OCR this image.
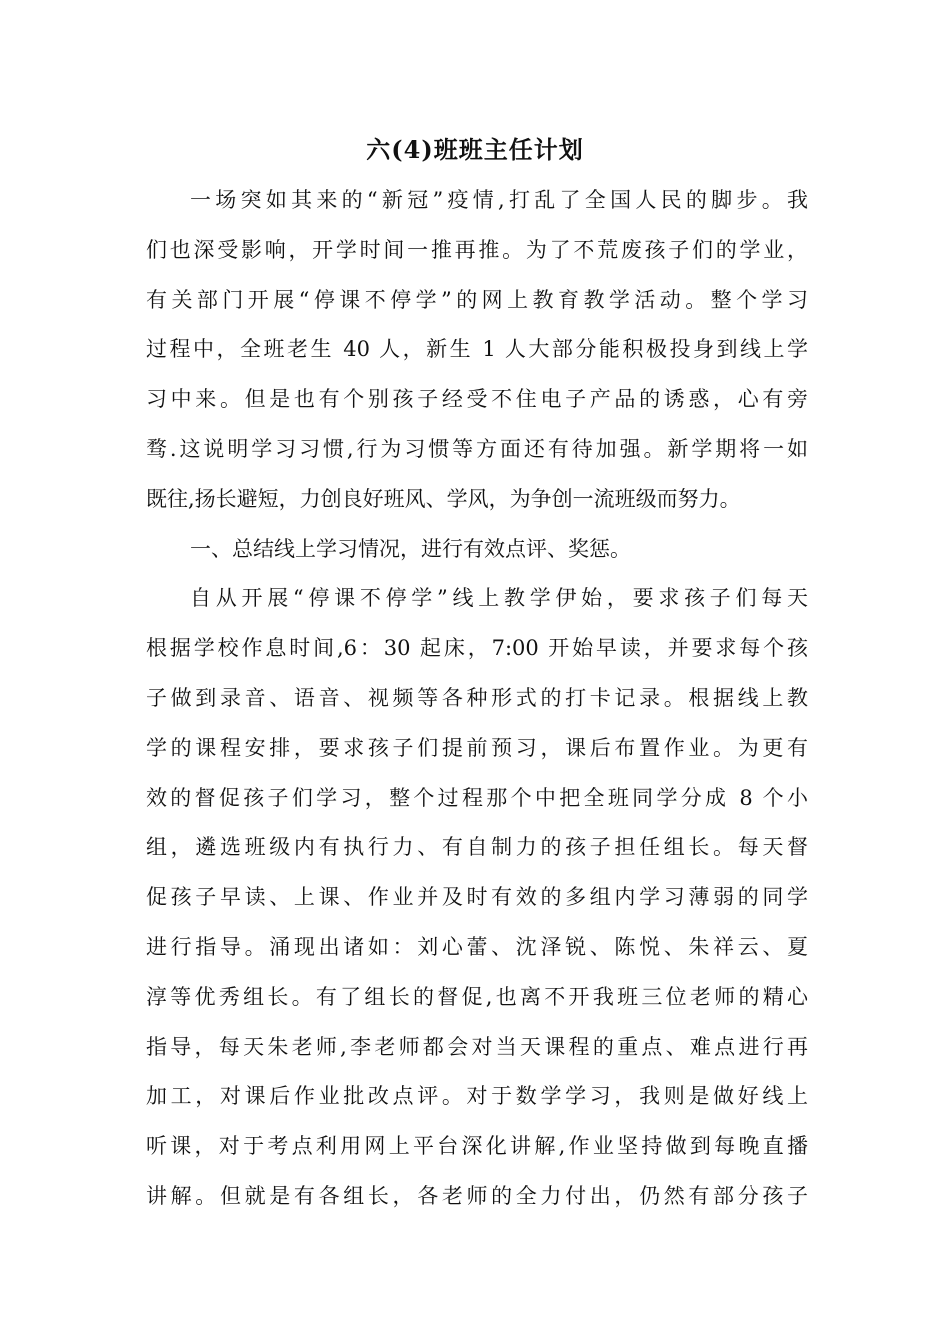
六(4)班班主任计划
一场突如其来的“新冠”疫情,打乱了全国人民的脚步。我
们也深受影响，开学时间一推再推。为了不荒废孩子们的学业，
有关部门开展“停课不停学”的网上教育教学活动。整个学习
过程中，全班老生 40 人，新生 1 人大部分能积极投身到线上学
习中来。但是也有个别孩子经受不住电子产品的诱惑，心有旁
骛.这说明学习习惯,行为习惯等方面还有待加强。新学期将一如
既往,扬长避短，力创良好班风、学风，为争创一流班级而努力。
一、总结线上学习情况，进行有效点评、奖惩。
自从开展“停课不停学”线上教学伊始，要求孩子们每天
根据学校作息时间,6：30 起床，7:00 开始早读，并要求每个孩
子做到录音、语音、视频等各种形式的打卡记录。根据线上教
学的课程安排，要求孩子们提前预习，课后布置作业。为更有
效的督促孩子们学习，整个过程那个中把全班同学分成 8 个小
组，遴选班级内有执行力、有自制力的孩子担任组长。每天督
促孩子早读、上课、作业并及时有效的多组内学习薄弱的同学
进行指导。涌现出诸如：刘心蕾、沈泽锐、陈悦、朱祥云、夏
淳等优秀组长。有了组长的督促,也离不开我班三位老师的精心
指导，每天朱老师,李老师都会对当天课程的重点、难点进行再
加工，对课后作业批改点评。对于数学学习，我则是做好线上
听课，对于考点利用网上平台深化讲解,作业坚持做到每晚直播
讲解。但就是有各组长，各老师的全力付出，仍然有部分孩子
